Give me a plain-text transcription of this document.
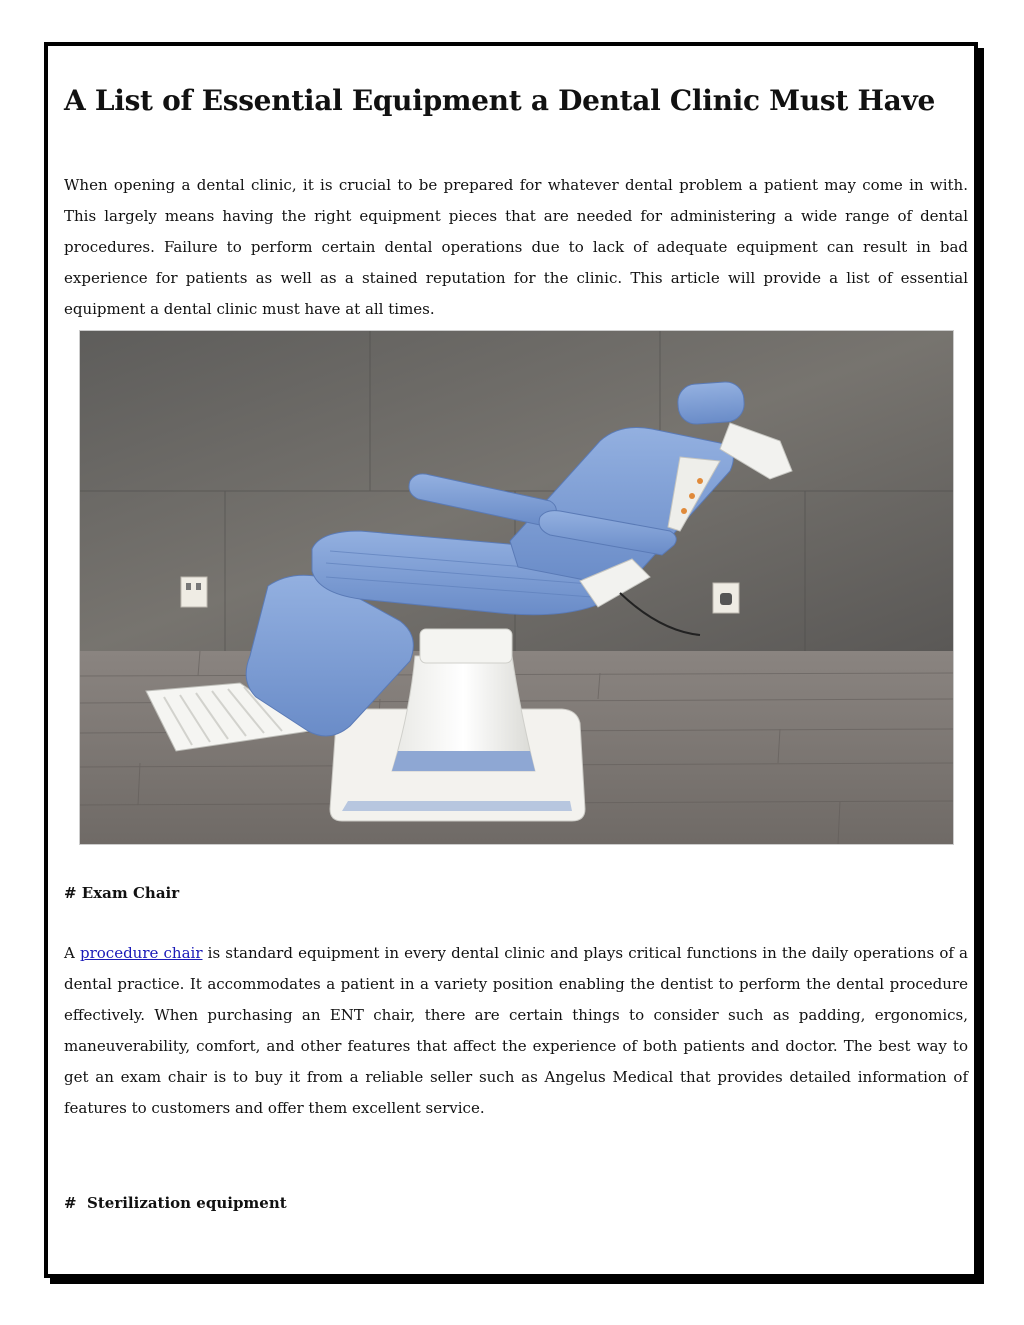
A List of Essential Equipment a Dental Clinic Must Have

When opening a dental clinic, it is crucial to be prepared for whatever dental problem a patient may come in with. This largely means having the right equipment pieces that are needed for administering a wide range of dental procedures. Failure to perform certain dental operations due to lack of adequate equipment can result in bad experience for patients as well as a stained reputation for the clinic. This article will provide a list of essential equipment a dental clinic must have at all times.

# Exam Chair

A procedure chair is standard equipment in every dental clinic and plays critical functions in the daily operations of a dental practice. It accommodates a patient in a variety position enabling the dentist to perform the dental procedure effectively. When purchasing an ENT chair, there are certain things to consider such as padding, ergonomics, maneuverability, comfort, and other features that affect the experience of both patients and doctor. The best way to get an exam chair is to buy it from a reliable seller such as Angelus Medical that provides detailed information of features to customers and offer them excellent service.

#  Sterilization equipment
